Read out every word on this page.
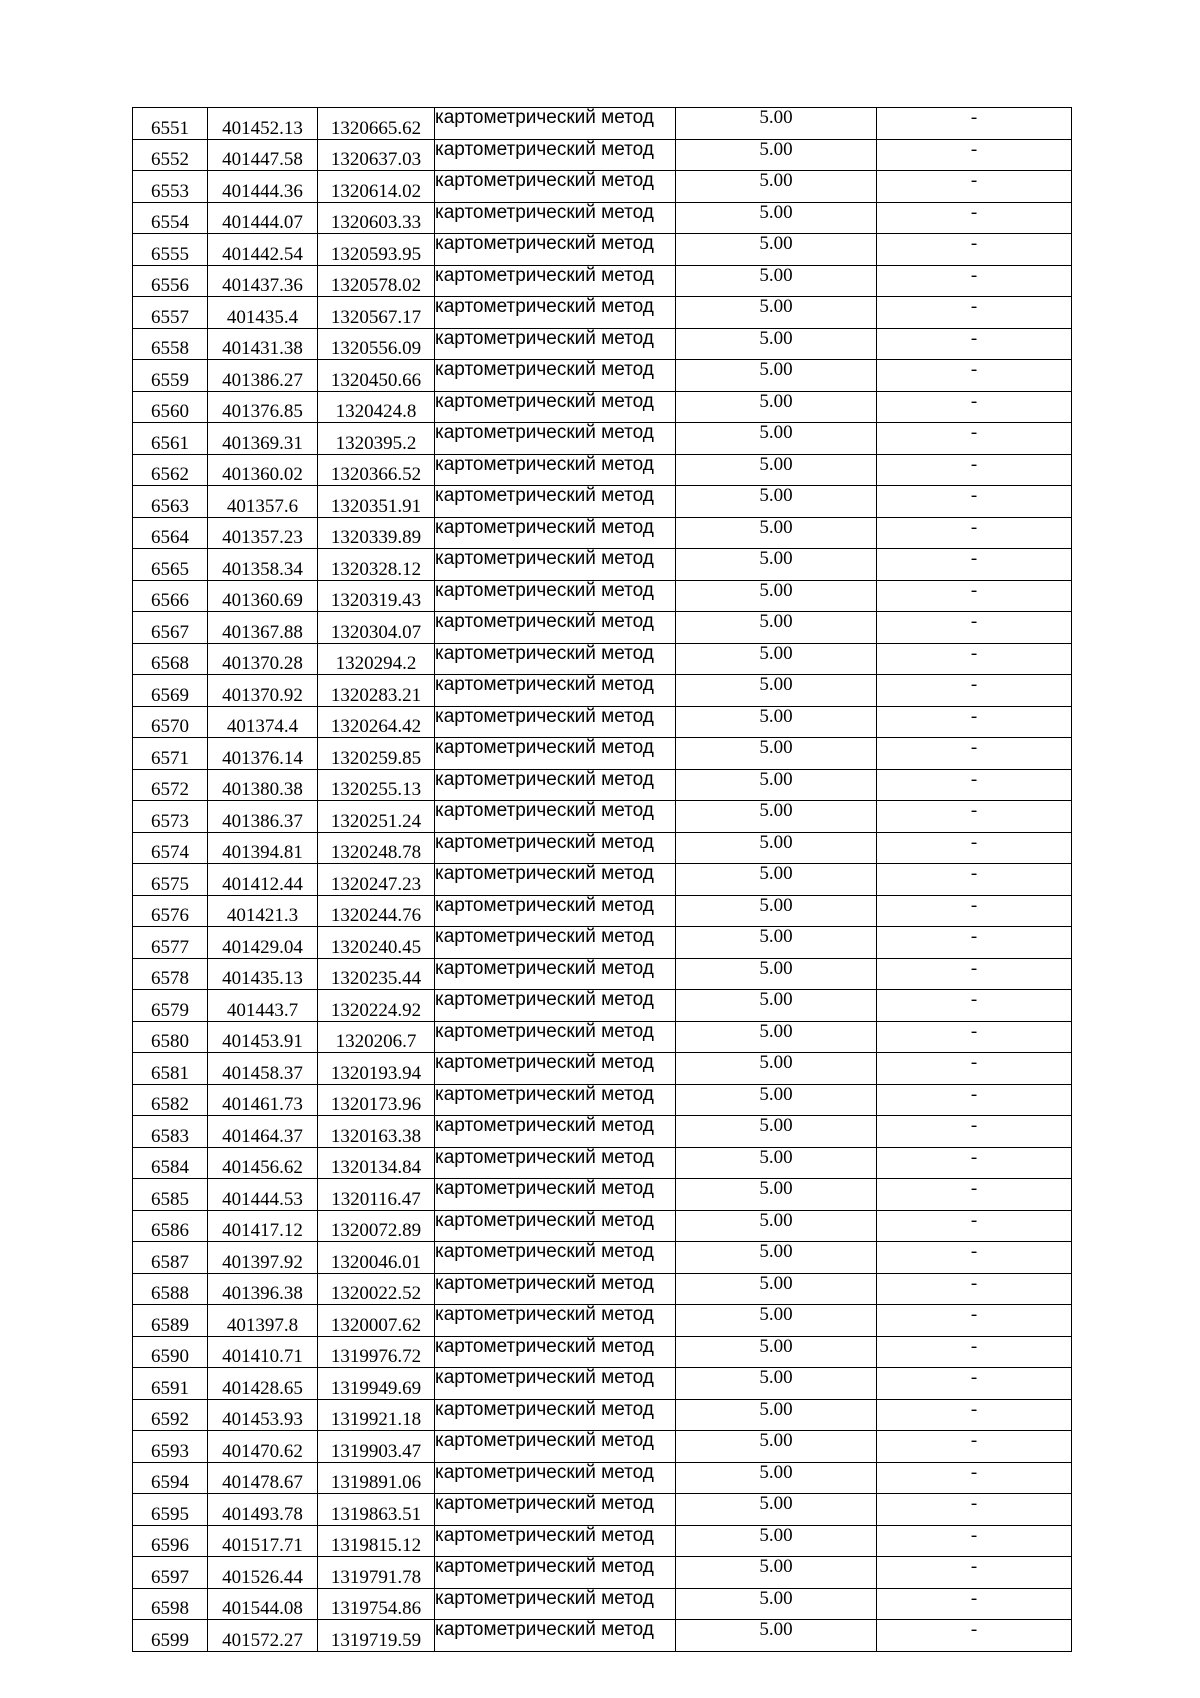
6551	401452.13	1320665.62	картометрический метод	5.00	-
6552	401447.58	1320637.03	картометрический метод	5.00	-
6553	401444.36	1320614.02	картометрический метод	5.00	-
6554	401444.07	1320603.33	картометрический метод	5.00	-
6555	401442.54	1320593.95	картометрический метод	5.00	-
6556	401437.36	1320578.02	картометрический метод	5.00	-
6557	401435.4	1320567.17	картометрический метод	5.00	-
6558	401431.38	1320556.09	картометрический метод	5.00	-
6559	401386.27	1320450.66	картометрический метод	5.00	-
6560	401376.85	1320424.8	картометрический метод	5.00	-
6561	401369.31	1320395.2	картометрический метод	5.00	-
6562	401360.02	1320366.52	картометрический метод	5.00	-
6563	401357.6	1320351.91	картометрический метод	5.00	-
6564	401357.23	1320339.89	картометрический метод	5.00	-
6565	401358.34	1320328.12	картометрический метод	5.00	-
6566	401360.69	1320319.43	картометрический метод	5.00	-
6567	401367.88	1320304.07	картометрический метод	5.00	-
6568	401370.28	1320294.2	картометрический метод	5.00	-
6569	401370.92	1320283.21	картометрический метод	5.00	-
6570	401374.4	1320264.42	картометрический метод	5.00	-
6571	401376.14	1320259.85	картометрический метод	5.00	-
6572	401380.38	1320255.13	картометрический метод	5.00	-
6573	401386.37	1320251.24	картометрический метод	5.00	-
6574	401394.81	1320248.78	картометрический метод	5.00	-
6575	401412.44	1320247.23	картометрический метод	5.00	-
6576	401421.3	1320244.76	картометрический метод	5.00	-
6577	401429.04	1320240.45	картометрический метод	5.00	-
6578	401435.13	1320235.44	картометрический метод	5.00	-
6579	401443.7	1320224.92	картометрический метод	5.00	-
6580	401453.91	1320206.7	картометрический метод	5.00	-
6581	401458.37	1320193.94	картометрический метод	5.00	-
6582	401461.73	1320173.96	картометрический метод	5.00	-
6583	401464.37	1320163.38	картометрический метод	5.00	-
6584	401456.62	1320134.84	картометрический метод	5.00	-
6585	401444.53	1320116.47	картометрический метод	5.00	-
6586	401417.12	1320072.89	картометрический метод	5.00	-
6587	401397.92	1320046.01	картометрический метод	5.00	-
6588	401396.38	1320022.52	картометрический метод	5.00	-
6589	401397.8	1320007.62	картометрический метод	5.00	-
6590	401410.71	1319976.72	картометрический метод	5.00	-
6591	401428.65	1319949.69	картометрический метод	5.00	-
6592	401453.93	1319921.18	картометрический метод	5.00	-
6593	401470.62	1319903.47	картометрический метод	5.00	-
6594	401478.67	1319891.06	картометрический метод	5.00	-
6595	401493.78	1319863.51	картометрический метод	5.00	-
6596	401517.71	1319815.12	картометрический метод	5.00	-
6597	401526.44	1319791.78	картометрический метод	5.00	-
6598	401544.08	1319754.86	картометрический метод	5.00	-
6599	401572.27	1319719.59	картометрический метод	5.00	-
